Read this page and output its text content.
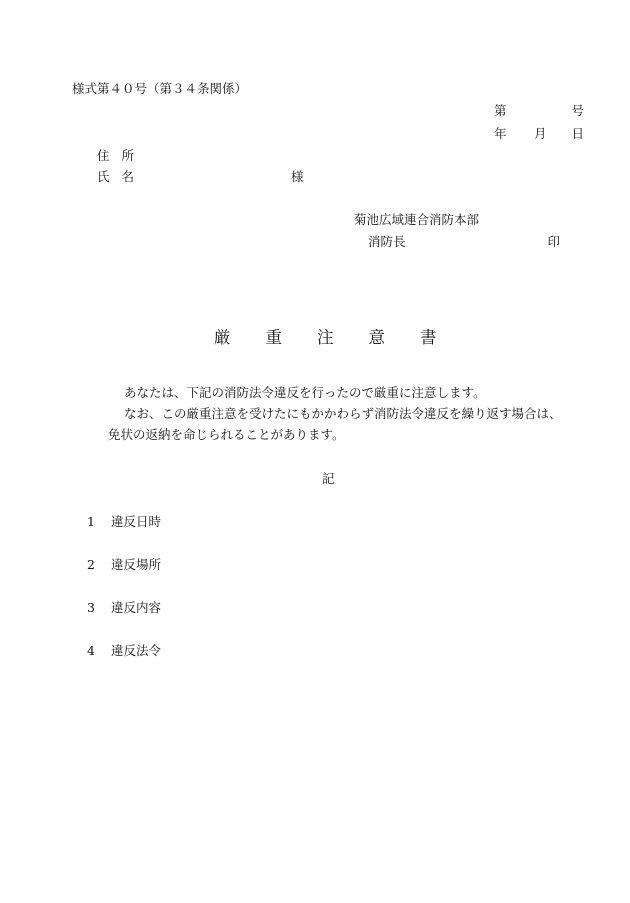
様式第４０号（第３４条関係）
第	号
年 月 日
住所
氏名	様
菊池広域連合消防本部
消防長	印
厳重注意書

あなたは、下記の消防法令違反を行ったので厳重に注意します。

なお、この厳重注意を受けたにもかかわらず消防法令違反を繰り返す場合は、

免状の返納を命じられることがあります。

記
1 違反日時
2 違反場所
3 違反内容
4 違反法令
